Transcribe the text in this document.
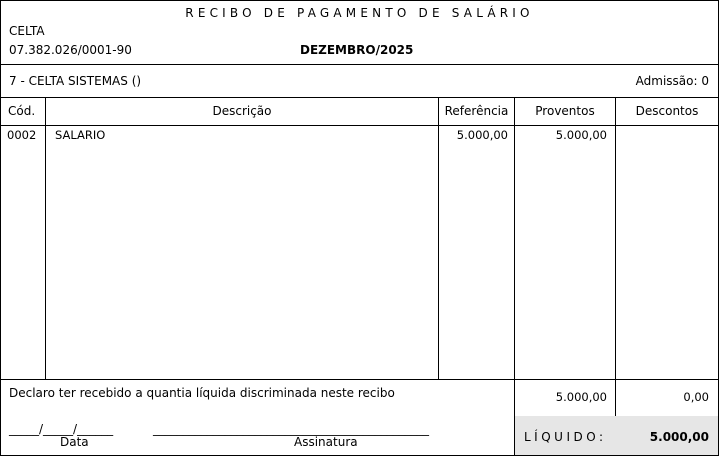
RECIBO DE PAGAMENTO DE SALÁRIO
CELTA
07.382.026/0001-90	DEZEMBRO/2025
7 - CELTA SISTEMAS ()	Admissão: 0
Cód.	Descrição	Referência	Proventos	Descontos
0002 SALARIO	5.000,00	5.000,00
Declaro ter recebido a quantia líquida discriminada neste recibo	5.000,00	0,00
_____/_____/______	______________________________________________
Data	Assinatura	LÍQUIDO:	5.000,00
